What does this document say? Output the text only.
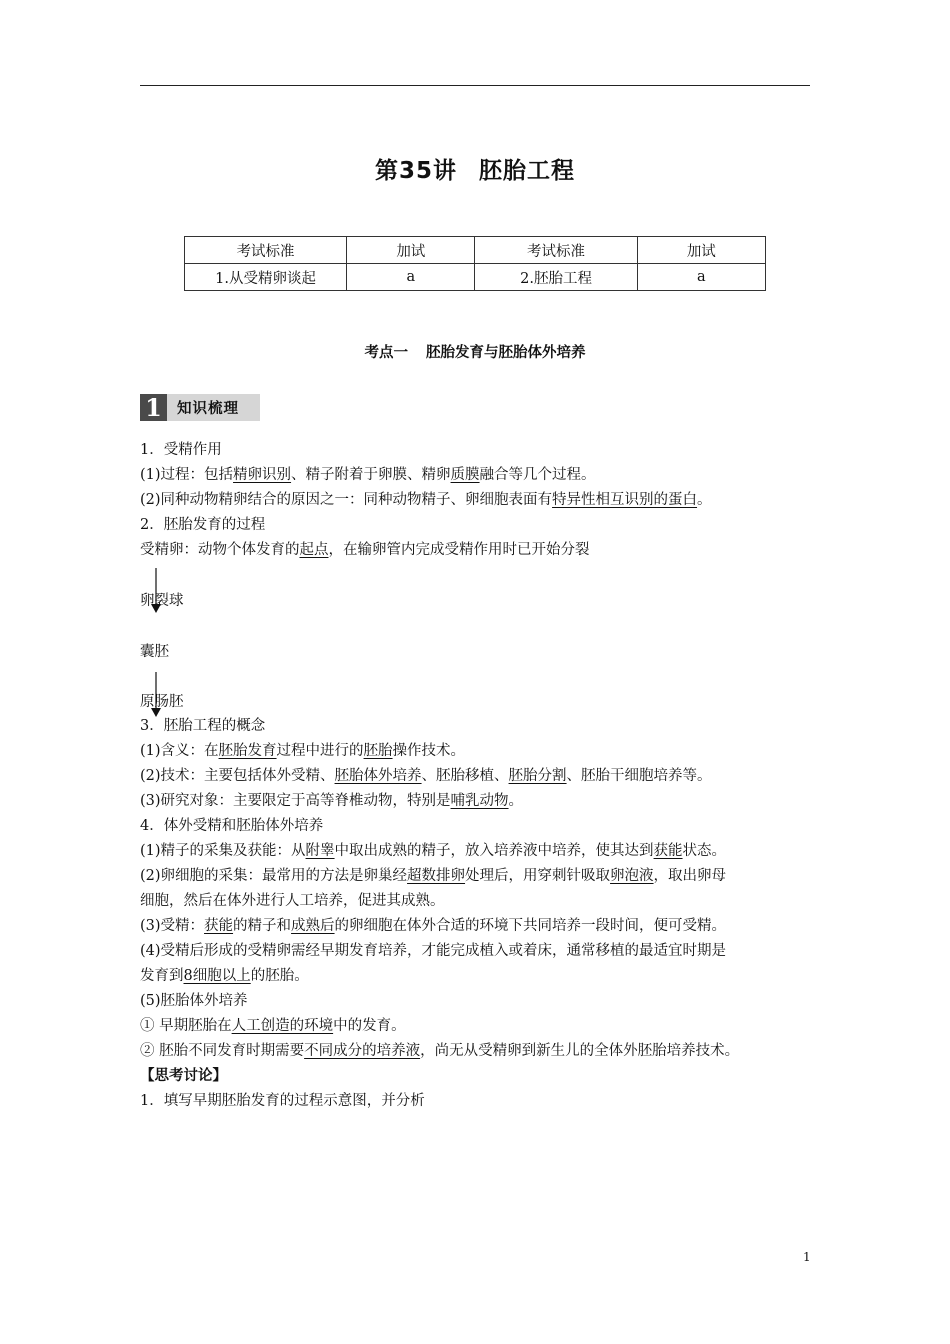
第35讲 胚胎工程
考试标准	加试	考试标准	加试
1.从受精卵谈起	a	2.胚胎工程	a
考点一 胚胎发育与胚胎体外培养
1	知识梳理
1．受精作用
(1)过程：包括精卵识别、精子附着于卵膜、精卵质膜融合等几个过程。
(2)同种动物精卵结合的原因之一：同种动物精子、卵细胞表面有特异性相互识别的蛋白。
2．胚胎发育的过程
受精卵：动物个体发育的起点，在输卵管内完成受精作用时已开始分裂
卵裂球
囊胚
原肠胚
3．胚胎工程的概念
(1)含义：在胚胎发育过程中进行的胚胎操作技术。
(2)技术：主要包括体外受精、胚胎体外培养、胚胎移植、胚胎分割、胚胎干细胞培养等。
(3)研究对象：主要限定于高等脊椎动物，特别是哺乳动物。
4．体外受精和胚胎体外培养
(1)精子的采集及获能：从附睾中取出成熟的精子，放入培养液中培养，使其达到获能状态。
(2)卵细胞的采集：最常用的方法是卵巢经超数排卵处理后，用穿刺针吸取卵泡液，取出卵母
细胞，然后在体外进行人工培养，促进其成熟。
(3)受精：获能的精子和成熟后的卵细胞在体外合适的环境下共同培养一段时间，便可受精。
(4)受精后形成的受精卵需经早期发育培养，才能完成植入或着床，通常移植的最适宜时期是
发育到8细胞以上的胚胎。
(5)胚胎体外培养
① 早期胚胎在人工创造的环境中的发育。
② 胚胎不同发育时期需要不同成分的培养液，尚无从受精卵到新生儿的全体外胚胎培养技术。
【思考讨论】
1．填写早期胚胎发育的过程示意图，并分析
1
